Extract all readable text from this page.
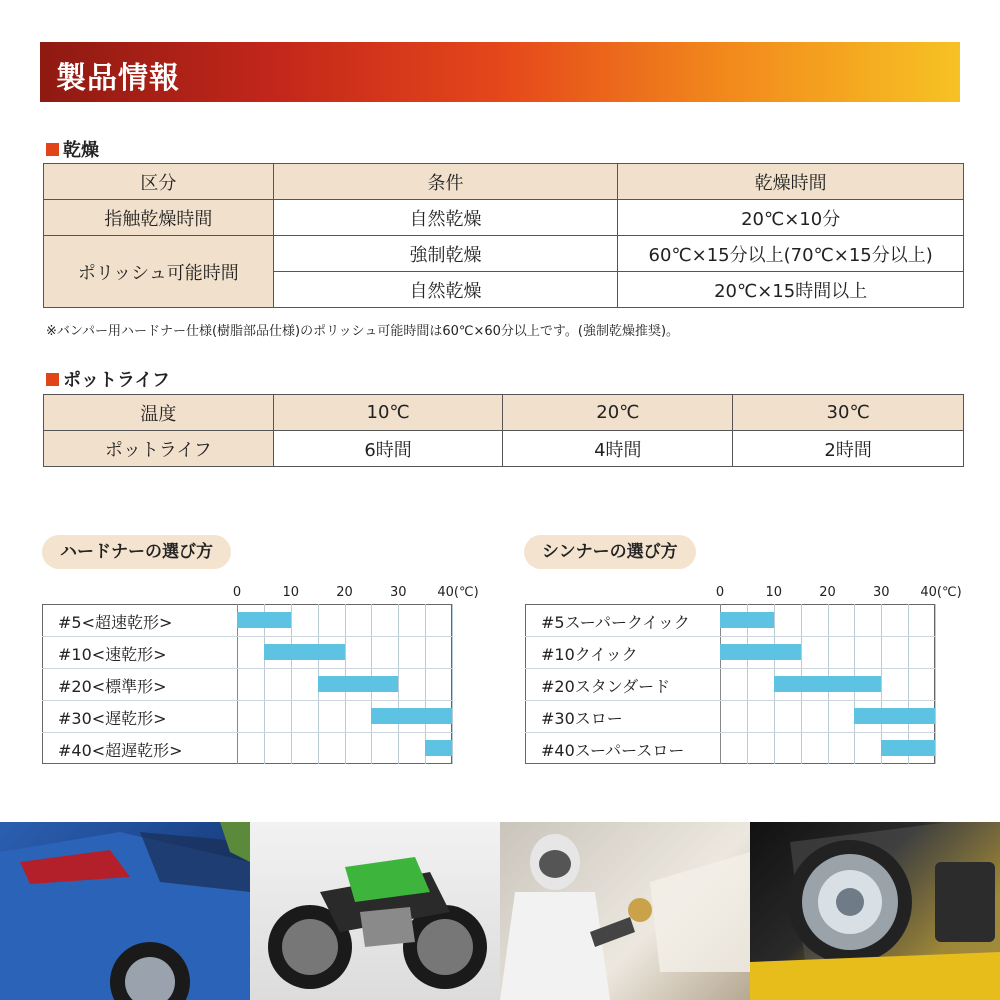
製品情報
乾燥
区分	条件	乾燥時間
指触乾燥時間	自然乾燥	20℃×10分
ポリッシュ可能時間	強制乾燥	60℃×15分以上(70℃×15分以上)
	自然乾燥	20℃×15時間以上
※バンパー用ハードナー仕様(樹脂部品仕様)のポリッシュ可能時間は60℃×60分以上です。(強制乾燥推奨)。
ポットライフ
温度	10℃	20℃	30℃
ポットライフ	6時間	4時間	2時間
ハードナーの選び方
0	10	20	30 40(℃)
#5<超速乾形>
#10<速乾形>
#20<標準形>
#30<遅乾形>
#40<超遅乾形>
シンナーの選び方
0	10	20	30 40(℃)
#5スーパークイック
#10クイック
#20スタンダード
#30スロー
#40スーパースロー
